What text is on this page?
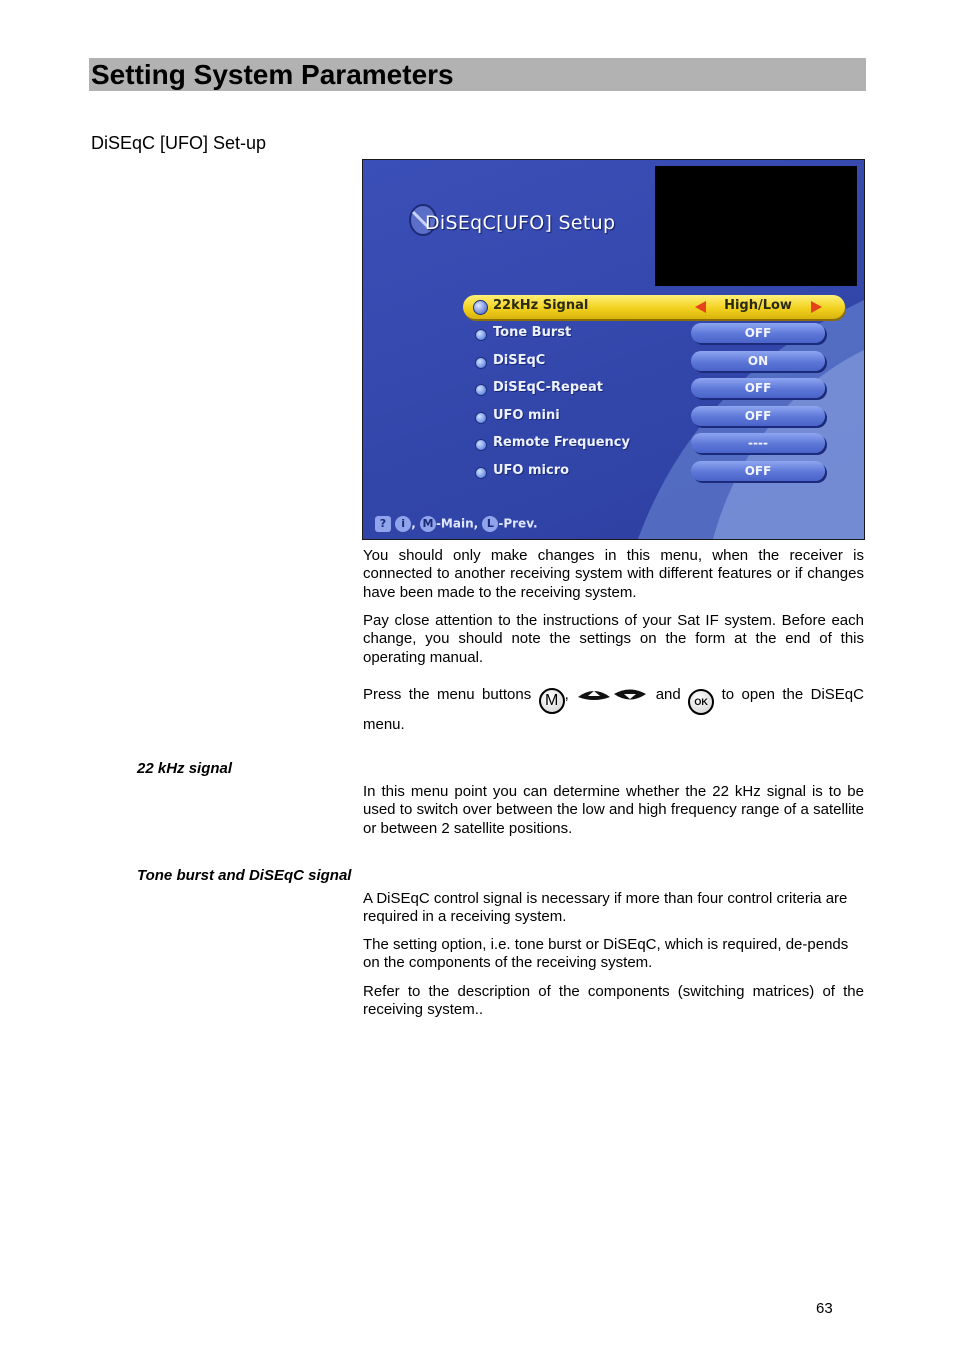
Setting System Parameters
DiSEqC [UFO] Set-up
DiSEqC[UFO] Setup
22kHz Signal	High/Low
Tone Burst	OFF
DiSEqC	ON
DiSEqC-Repeat	OFF
UFO mini	OFF
Remote Frequency	----
UFO micro	OFF
? i , M -Main, L -Prev.

You should only make changes in this menu, when the receiver is connected to another receiving system with different features or if changes have been made to the receiving system.

Pay close attention to the instructions of your Sat IF system. Before each change, you should note the settings on the form at the end of this operating manual.

Press the menu buttons M ,	and OK to open the DiSEqC menu.

22 kHz signal

In this menu point you can determine whether the 22 kHz signal is to be used to switch over between the low and high frequency range of a satellite or between 2 satellite positions.

Tone burst and DiSEqC signal

A DiSEqC control signal is necessary if more than four control criteria are required in a receiving system.

The setting option, i.e. tone burst or DiSEqC, which is required, de-pends on the components of the receiving system.

Refer to the description of the components (switching matrices) of the receiving system..

63
